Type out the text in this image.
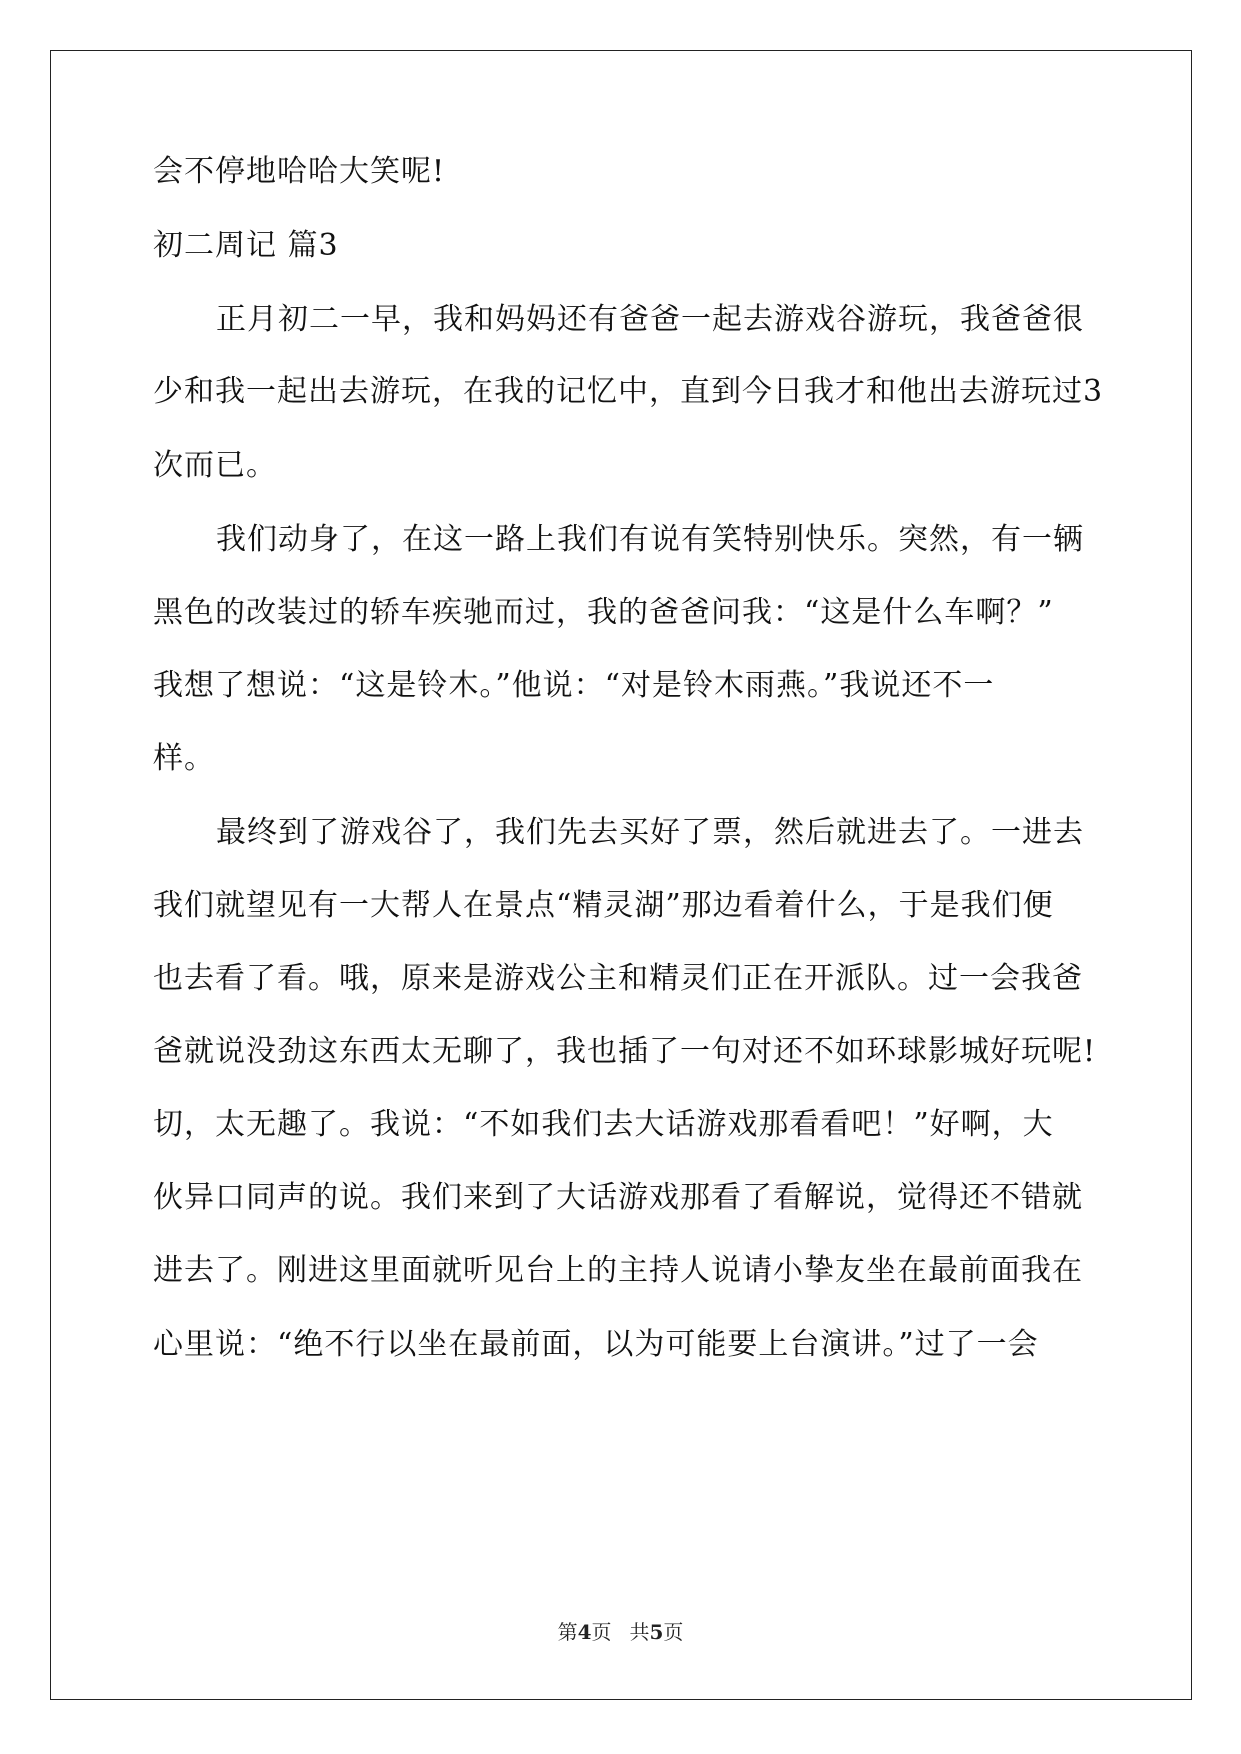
会不停地哈哈大笑呢!
初二周记 篇3
正月初二一早，我和妈妈还有爸爸一起去游戏谷游玩，我爸爸很
少和我一起出去游玩，在我的记忆中，直到今日我才和他出去游玩过3
次而已。
我们动身了，在这一路上我们有说有笑特别快乐。突然，有一辆
黑色的改装过的轿车疾驰而过，我的爸爸问我：“这是什么车啊？”
我想了想说：“这是铃木。”他说：“对是铃木雨燕。”我说还不一
样。
最终到了游戏谷了，我们先去买好了票，然后就进去了。一进去
我们就望见有一大帮人在景点“精灵湖”那边看着什么，于是我们便
也去看了看。哦，原来是游戏公主和精灵们正在开派队。过一会我爸
爸就说没劲这东西太无聊了，我也插了一句对还不如环球影城好玩呢!
切，太无趣了。我说：“不如我们去大话游戏那看看吧！”好啊，大
伙异口同声的说。我们来到了大话游戏那看了看解说，觉得还不错就
进去了。刚进这里面就听见台上的主持人说请小挚友坐在最前面我在
心里说：“绝不行以坐在最前面，以为可能要上台演讲。”过了一会
第4页 共5页
